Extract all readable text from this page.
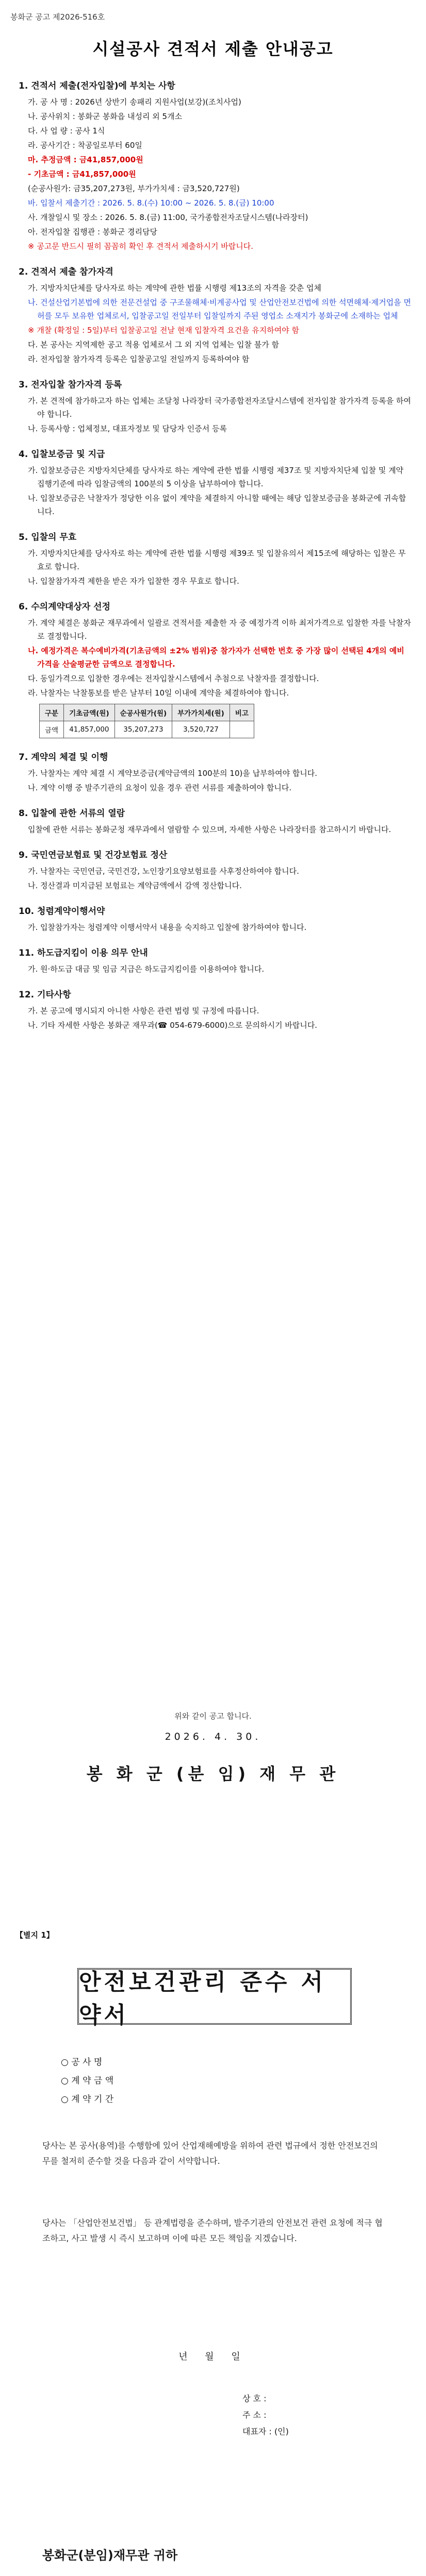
봉화군 공고 제2026-516호
시설공사 견적서 제출 안내공고
1. 견적서 제출(전자입찰)에 부치는 사항
가. 공 사 명 : 2026년 상반기 송패리 지원사업(보강)(조치사업)
나. 공사위치 : 봉화군 봉화읍 내성리 외 5개소
다. 사 업 량 : 공사 1식
라. 공사기간 : 착공일로부터 60일
마. 추정금액 : 금41,857,000원
- 기초금액 : 금41,857,000원
(순공사원가: 금35,207,273원, 부가가치세 : 금3,520,727원)
바. 입찰서 제출기간 : 2026. 5. 8.(수) 10:00 ~ 2026. 5. 8.(금) 10:00
사. 개찰일시 및 장소 : 2026. 5. 8.(금) 11:00, 국가종합전자조달시스템(나라장터)
아. 전자입찰 집행관 : 봉화군 경리담당
※ 공고문 반드시 필히 꼼꼼히 확인 후 견적서 제출하시기 바랍니다.
2. 견적서 제출 참가자격
가. 지방자치단체를 당사자로 하는 계약에 관한 법률 시행령 제13조의 자격을 갖춘 업체
나. 건설산업기본법에 의한 전문건설업 중 구조물해체·비계공사업 및 산업안전보건법에 의한 석면해체·제거업을 면허를 모두 보유한 업체로서, 입찰공고일 전일부터 입찰일까지 주된 영업소 소재지가 봉화군에 소재하는 업체
※ 개찰 (확정일 : 5일)부터 입찰공고일 전날 현재 입찰자격 요건을 유지하여야 함
다. 본 공사는 지역제한 공고 적용 업체로서 그 외 지역 업체는 입찰 불가 함
라. 전자입찰 참가자격 등록은 입찰공고일 전일까지 등록하여야 함
3. 전자입찰 참가자격 등록
가. 본 견적에 참가하고자 하는 업체는 조달청 나라장터 국가종합전자조달시스템에 전자입찰 참가자격 등록을 하여야 합니다.
나. 등록사항 : 업체정보, 대표자정보 및 담당자 인증서 등록
4. 입찰보증금 및 지급
가. 입찰보증금은 지방자치단체를 당사자로 하는 계약에 관한 법률 시행령 제37조 및 지방자치단체 입찰 및 계약 집행기준에 따라 입찰금액의 100분의 5 이상을 납부하여야 합니다.
나. 입찰보증금은 낙찰자가 정당한 이유 없이 계약을 체결하지 아니할 때에는 해당 입찰보증금을 봉화군에 귀속합니다.
5. 입찰의 무효
가. 지방자치단체를 당사자로 하는 계약에 관한 법률 시행령 제39조 및 입찰유의서 제15조에 해당하는 입찰은 무효로 합니다.
나. 입찰참가자격 제한을 받은 자가 입찰한 경우 무효로 합니다.
6. 수의계약대상자 선정
가. 계약 체결은 봉화군 재무과에서 일괄로 견적서를 제출한 자 중 예정가격 이하 최저가격으로 입찰한 자를 낙찰자로 결정합니다.
나. 예정가격은 복수예비가격(기초금액의 ±2% 범위)중 참가자가 선택한 번호 중 가장 많이 선택된 4개의 예비가격을 산술평균한 금액으로 결정합니다.
다. 동일가격으로 입찰한 경우에는 전자입찰시스템에서 추첨으로 낙찰자를 결정합니다.
라. 낙찰자는 낙찰통보를 받은 날부터 10일 이내에 계약을 체결하여야 합니다.
구분	기초금액(원)	순공사원가(원)	부가가치세(원)	비고
금액	41,857,000	35,207,273	3,520,727	
7. 계약의 체결 및 이행
가. 낙찰자는 계약 체결 시 계약보증금(계약금액의 100분의 10)을 납부하여야 합니다.
나. 계약 이행 중 발주기관의 요청이 있을 경우 관련 서류를 제출하여야 합니다.
8. 입찰에 관한 서류의 열람
입찰에 관한 서류는 봉화군청 재무과에서 열람할 수 있으며, 자세한 사항은 나라장터를 참고하시기 바랍니다.
9. 국민연금보험료 및 건강보험료 정산
가. 낙찰자는 국민연금, 국민건강, 노인장기요양보험료를 사후정산하여야 합니다.
나. 정산결과 미지급된 보험료는 계약금액에서 감액 정산합니다.
10. 청렴계약이행서약
가. 입찰참가자는 청렴계약 이행서약서 내용을 숙지하고 입찰에 참가하여야 합니다.
11. 하도급지킴이 이용 의무 안내
가. 원·하도급 대금 및 임금 지급은 하도급지킴이를 이용하여야 합니다.
12. 기타사항
가. 본 공고에 명시되지 아니한 사항은 관련 법령 및 규정에 따릅니다.
나. 기타 자세한 사항은 봉화군 재무과(☎ 054-679-6000)으로 문의하시기 바랍니다.
위와 같이 공고 합니다.
2026. 4. 30.
봉 화 군 (분 임) 재 무 관
【별지 1】
안전보건관리 준수 서약서
○ 공 사 명
○ 계 약 금 액
○ 계 약 기 간
당사는 본 공사(용역)를 수행함에 있어 산업재해예방을 위하여 관련 법규에서 정한 안전보건의무를 철저히 준수할 것을 다음과 같이 서약합니다.
당사는 「산업안전보건법」 등 관계법령을 준수하며, 발주기관의 안전보건 관련 요청에 적극 협조하고, 사고 발생 시 즉시 보고하며 이에 따른 모든 책임을 지겠습니다.
년 월 일
상 호 :
주 소 :
대표자 : (인)
봉화군(분임)재무관 귀하
